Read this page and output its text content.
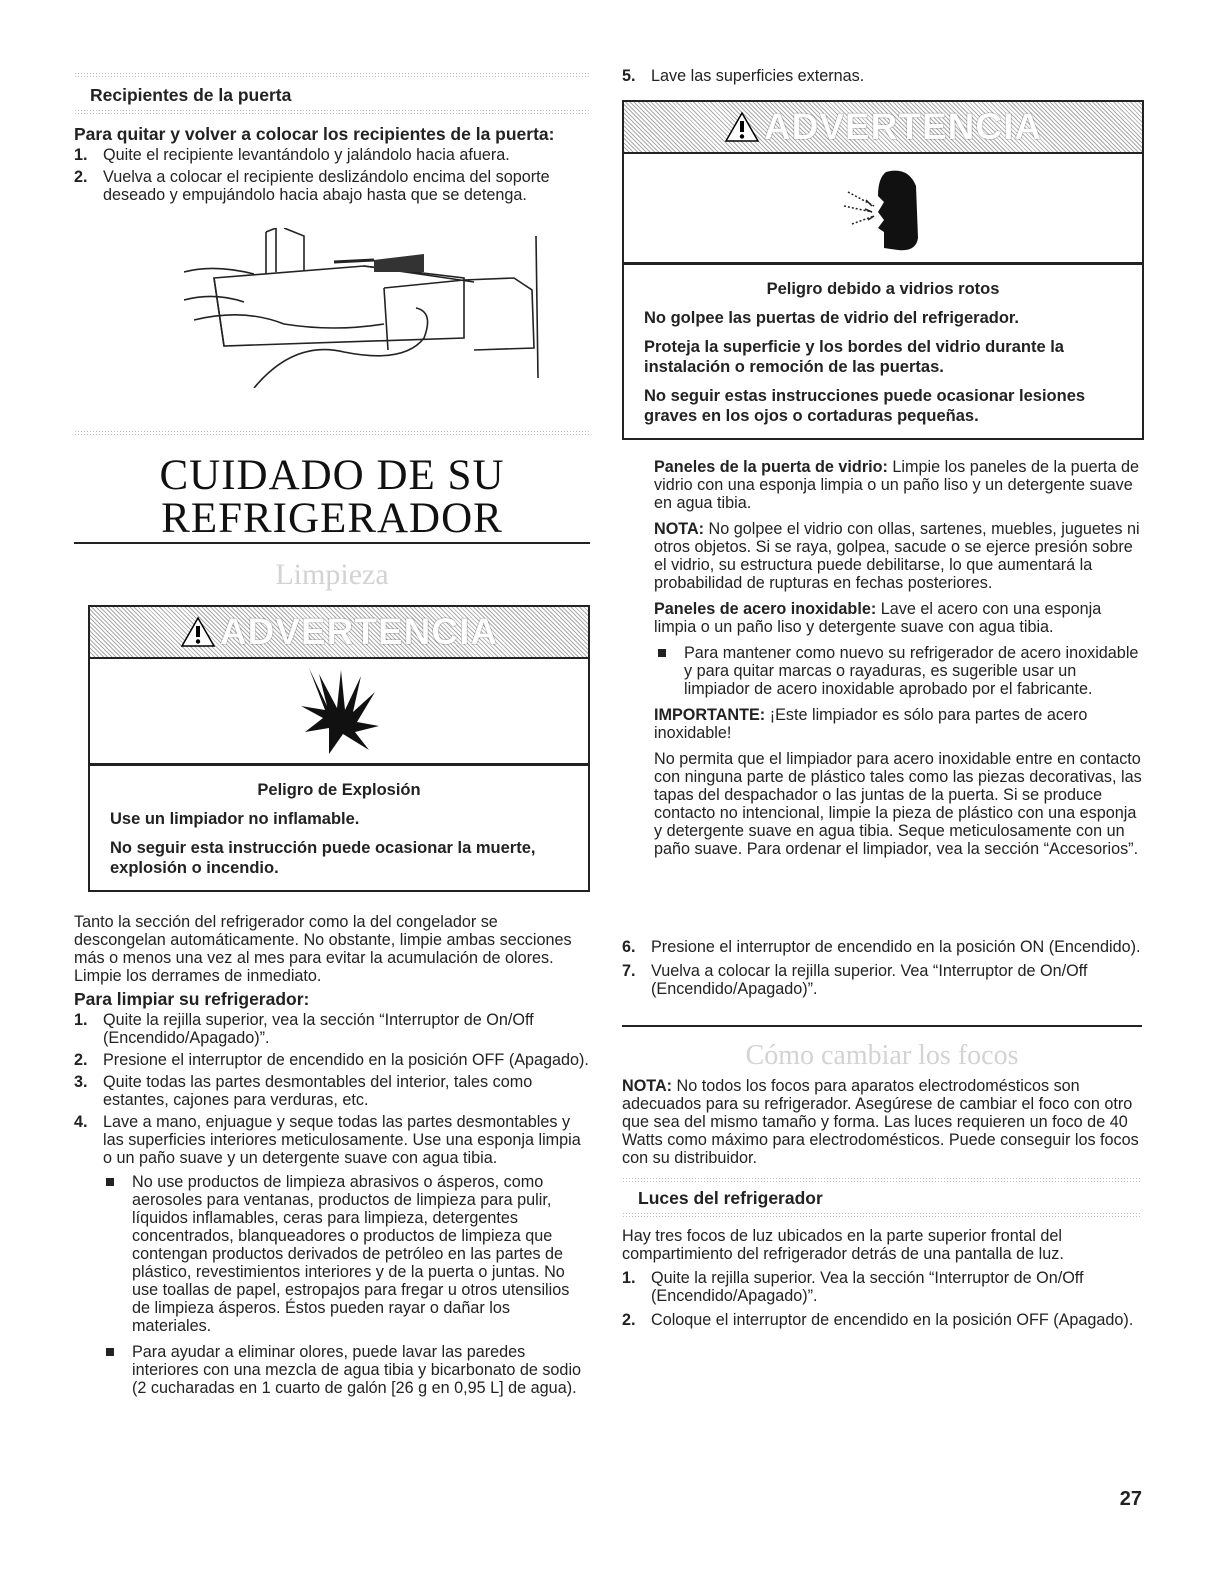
Recipientes de la puerta
Para quitar y volver a colocar los recipientes de la puerta:
1. Quite el recipiente levantándolo y jalándolo hacia afuera.
2. Vuelva a colocar el recipiente deslizándolo encima del soporte deseado y empujándolo hacia abajo hasta que se detenga.
CUIDADO DE SU
REFRIGERADOR
Limpieza
ADVERTENCIA

Peligro de Explosión

Use un limpiador no inflamable.

No seguir esta instrucción puede ocasionar la muerte, explosión o incendio.

Tanto la sección del refrigerador como la del congelador se descongelan automáticamente. No obstante, limpie ambas secciones más o menos una vez al mes para evitar la acumulación de olores. Limpie los derrames de inmediato.

Para limpiar su refrigerador:
1. Quite la rejilla superior, vea la sección “Interruptor de On/Off (Encendido/Apagado)”.
2. Presione el interruptor de encendido en la posición OFF (Apagado).
3. Quite todas las partes desmontables del interior, tales como estantes, cajones para verduras, etc.
4. Lave a mano, enjuague y seque todas las partes desmontables y las superficies interiores meticulosamente. Use una esponja limpia o un paño suave y un detergente suave con agua tibia.
No use productos de limpieza abrasivos o ásperos, como aerosoles para ventanas, productos de limpieza para pulir, líquidos inflamables, ceras para limpieza, detergentes concentrados, blanqueadores o productos de limpieza que contengan productos derivados de petróleo en las partes de plástico, revestimientos interiores y de la puerta o juntas. No use toallas de papel, estropajos para fregar u otros utensilios de limpieza ásperos. Éstos pueden rayar o dañar los materiales.
Para ayudar a eliminar olores, puede lavar las paredes interiores con una mezcla de agua tibia y bicarbonato de sodio (2 cucharadas en 1 cuarto de galón [26 g en 0,95 L] de agua).
5. Lave las superficies externas.
ADVERTENCIA

Peligro debido a vidrios rotos

No golpee las puertas de vidrio del refrigerador.

Proteja la superficie y los bordes del vidrio durante la instalación o remoción de las puertas.

No seguir estas instrucciones puede ocasionar lesiones graves en los ojos o cortaduras pequeñas.

Paneles de la puerta de vidrio: Limpie los paneles de la puerta de vidrio con una esponja limpia o un paño liso y un detergente suave en agua tibia.

NOTA: No golpee el vidrio con ollas, sartenes, muebles, juguetes ni otros objetos. Si se raya, golpea, sacude o se ejerce presión sobre el vidrio, su estructura puede debilitarse, lo que aumentará la probabilidad de rupturas en fechas posteriores.

Paneles de acero inoxidable: Lave el acero con una esponja limpia o un paño liso y detergente suave con agua tibia.

Para mantener como nuevo su refrigerador de acero inoxidable y para quitar marcas o rayaduras, es sugerible usar un limpiador de acero inoxidable aprobado por el fabricante.

IMPORTANTE: ¡Este limpiador es sólo para partes de acero inoxidable!

No permita que el limpiador para acero inoxidable entre en contacto con ninguna parte de plástico tales como las piezas decorativas, las tapas del despachador o las juntas de la puerta. Si se produce contacto no intencional, limpie la pieza de plástico con una esponja y detergente suave en agua tibia. Seque meticulosamente con un paño suave. Para ordenar el limpiador, vea la sección “Accesorios”.

6. Presione el interruptor de encendido en la posición ON (Encendido).
7. Vuelva a colocar la rejilla superior. Vea “Interruptor de On/Off (Encendido/Apagado)”.
Cómo cambiar los focos

NOTA: No todos los focos para aparatos electrodomésticos son adecuados para su refrigerador. Asegúrese de cambiar el foco con otro que sea del mismo tamaño y forma. Las luces requieren un foco de 40 Watts como máximo para electrodomésticos. Puede conseguir los focos con su distribuidor.

Luces del refrigerador

Hay tres focos de luz ubicados en la parte superior frontal del compartimiento del refrigerador detrás de una pantalla de luz.

1. Quite la rejilla superior. Vea la sección “Interruptor de On/Off (Encendido/Apagado)”.
2. Coloque el interruptor de encendido en la posición OFF (Apagado).
27
